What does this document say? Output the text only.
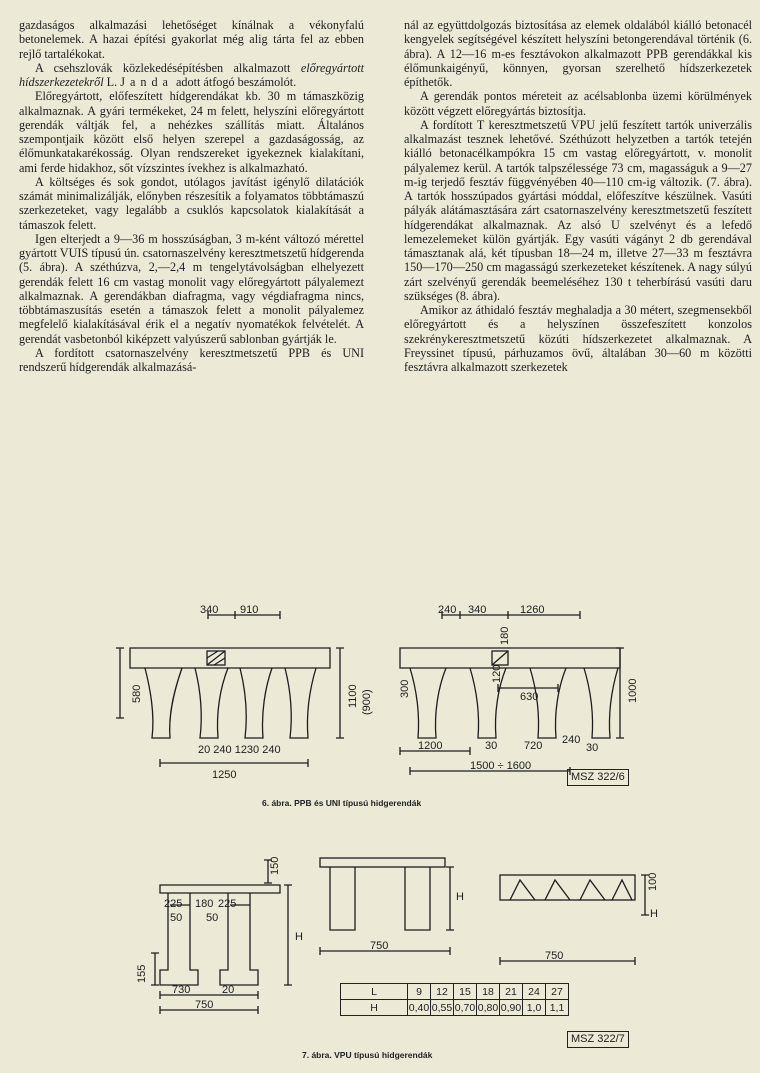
gazdaságos alkalmazási lehetőséget kínálnak a vékonyfalú betonelemek. A hazai építési gyakorlat még alig tárta fel az ebben rejlő tartalékokat.

A csehszlovák közlekedésépítésben alkalmazott előregyártott hídszerkezetekről L. Janda adott átfogó beszámolót.

Előregyártott, előfeszített hídgerendákat kb. 30 m támaszközig alkalmaznak. A gyári termékeket, 24 m felett, helyszíni előregyártott gerendák váltják fel, a nehézkes szállítás miatt. Általános szempontjaik között első helyen szerepel a gazdaságosság, az élőmunkatakarékosság. Olyan rendszereket igyekeznek kialakítani, ami ferde hidakhoz, sőt vízszintes ívekhez is alkalmazható.

A költséges és sok gondot, utólagos javítást igénylő dilatációk számát minimalizálják, előnyben részesítik a folyamatos többtámaszú szerkezeteket, vagy legalább a csuklós kapcsolatok kialakítását a támaszok felett.

Igen elterjedt a 9—36 m hosszúságban, 3 m-ként változó mérettel gyártott VUIS típusú ún. csatornaszelvény keresztmetszetű hídgerenda (5. ábra). A széthúzva, 2,—2,4 m tengelytávolságban elhelyezett gerendák felett 16 cm vastag monolit vagy előregyártott pályalemezt alkalmaznak. A gerendákban diafragma, vagy végdiafragma nincs, többtámaszusítás esetén a támaszok felett a monolit pályalemez megfelelő kialakításával érik el a negatív nyomatékok felvételét. A gerendát vasbetonból kiképzett valyúszerű sablonban gyártják le.

A fordított csatornaszelvény keresztmetszetű PPB és UNI rendszerű hídgerendák alkalmazásá-

nál az együttdolgozás biztosítása az elemek oldalából kiálló betonacél kengyelek segítségével készített helyszíni betongerendával történik (6. ábra). A 12—16 m-es fesztávokon alkalmazott PPB gerendákkal kis élőmunkaigényű, könnyen, gyorsan szerelhető hídszerkezetek építhetők.

A gerendák pontos méreteit az acélsablonba üzemi körülmények között végzett előregyártás biztosítja.

A fordított T keresztmetszetű VPU jelű feszített tartók univerzális alkalmazást tesznek lehetővé. Széthúzott helyzetben a tartók tetején kiálló betonacélkampókra 15 cm vastag előregyártott, v. monolit pályalemez kerül. A tartók talpszélessége 73 cm, magasságuk a 9—27 m-ig terjedő fesztáv függvényében 40—110 cm-ig változik. (7. ábra). A tartók hosszúpados gyártási móddal, előfeszítve készülnek. Vasúti pályák alátámasztására zárt csatornaszelvény keresztmetszetű feszített hídgerendákat alkalmaznak. Az alsó U szelvényt és a lefedő lemezelemeket külön gyártják. Egy vasúti vágányt 2 db gerendával támasztanak alá, két típusban 18—24 m, illetve 27—33 m fesztávra 150—170—250 cm magasságú szerkezeteket készítenek. A nagy súlyú zárt szelvényű gerendák beemeléséhez 130 t teherbírású vasúti daru szükséges (8. ábra).

Amikor az áthidaló fesztáv meghaladja a 30 métert, szegmensekből előregyártott és a helyszínen összefeszített konzolos szekrénykeresztmetszetű közúti hídszerkezetet alkalmaznak. A Freyssinet típusú, párhuzamos övű, általában 30—60 m közötti fesztávra alkalmazott szerkezetek

340 910
580	1100 (900)
20 240 1230 240
1250
240 340	1260
180
300
120
630	1000
1200	30 720 240
30
1500 ÷ 1600
MSZ 322/6
6. ábra. PPB és UNI típusú hidgerendák
150
225 180 225
50 50
155
H
730	20
750
H
750
100
H
750
L	9	12	15	18	21	24	27
H	0,40	0,55	0,70	0,80	0,90	1,0	1,1
MSZ 322/7
7. ábra. VPU típusú hidgerendák
